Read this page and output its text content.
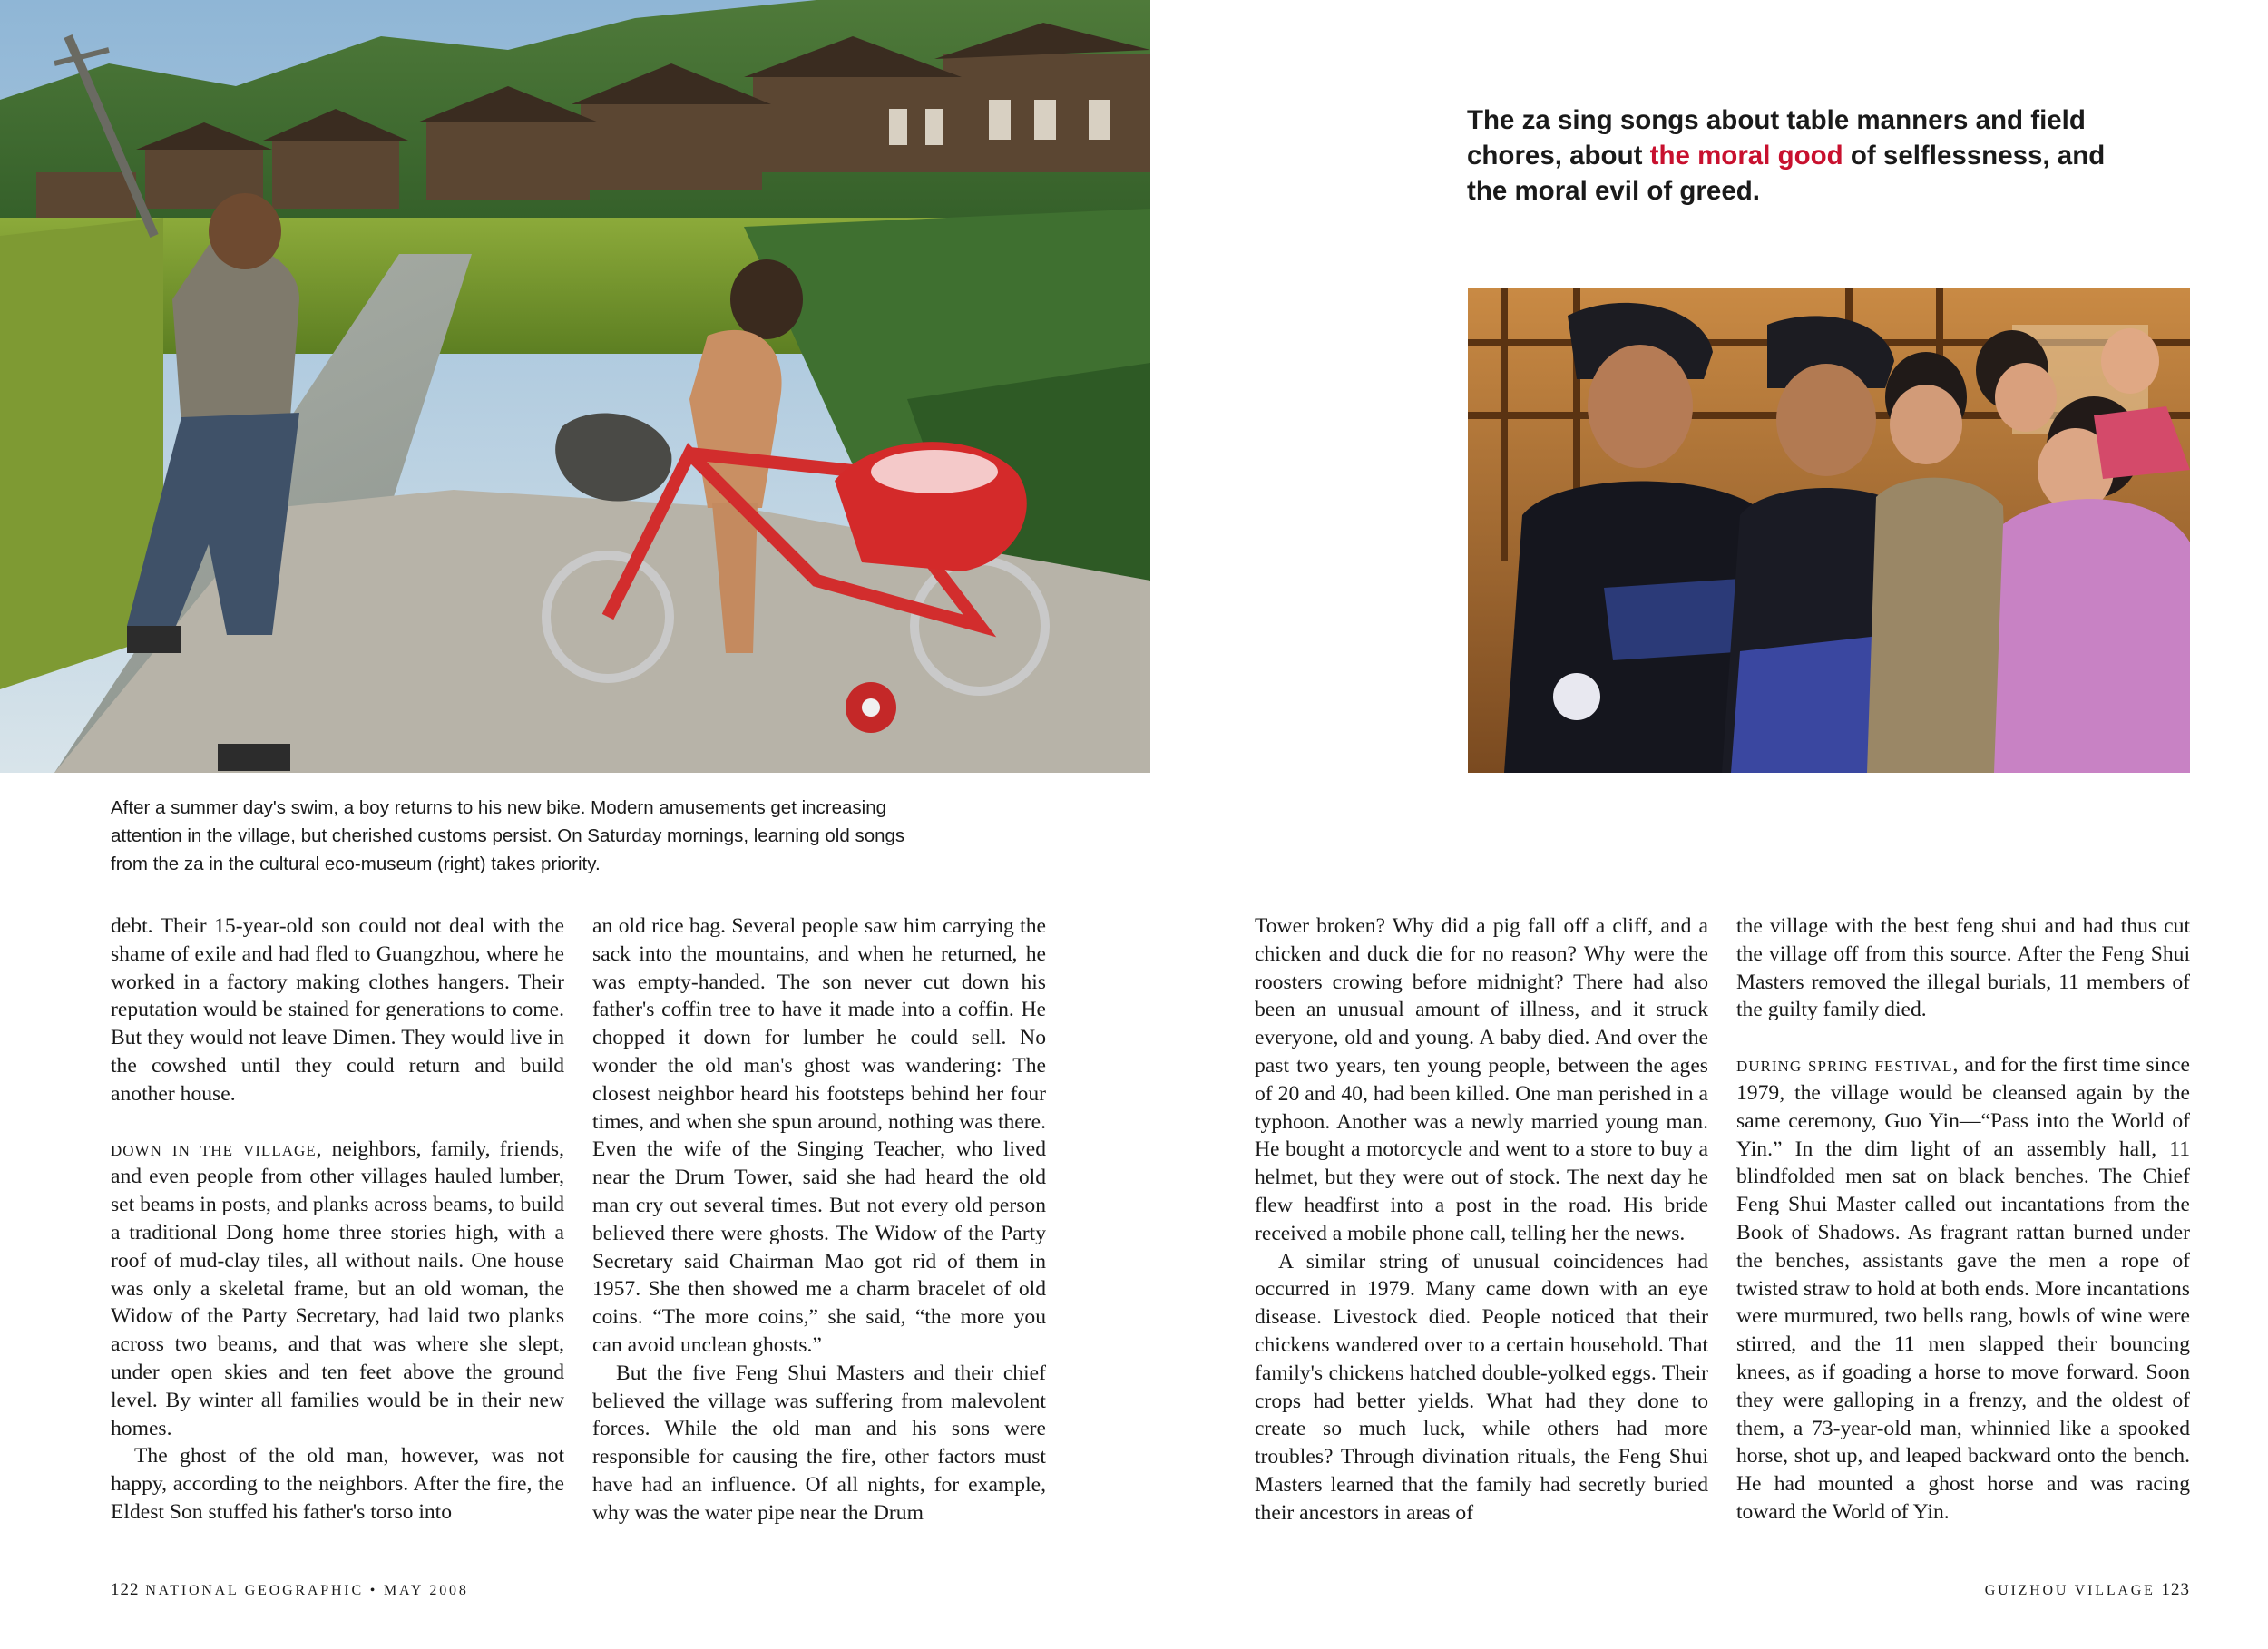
The za sing songs about table manners and field chores, about the moral good of selflessness, and the moral evil of greed.
After a summer day's swim, a boy returns to his new bike. Modern amusements get increasing attention in the village, but cherished customs persist. On Saturday mornings, learning old songs from the za in the cultural eco-museum (right) takes priority.

debt. Their 15-year-old son could not deal with the shame of exile and had fled to Guangzhou, where he worked in a factory making clothes hangers. Their reputation would be stained for generations to come. But they would not leave Dimen. They would live in the cowshed until they could return and build another house.

down in the village, neighbors, family, friends, and even people from other villages hauled lumber, set beams in posts, and planks across beams, to build a traditional Dong home three stories high, with a roof of mud-clay tiles, all without nails. One house was only a skeletal frame, but an old woman, the Widow of the Party Secretary, had laid two planks across two beams, and that was where she slept, under open skies and ten feet above the ground level. By winter all families would be in their new homes.

The ghost of the old man, however, was not happy, according to the neighbors. After the fire, the Eldest Son stuffed his father's torso into

an old rice bag. Several people saw him carrying the sack into the mountains, and when he returned, he was empty-handed. The son never cut down his father's coffin tree to have it made into a coffin. He chopped it down for lumber he could sell. No wonder the old man's ghost was wandering: The closest neighbor heard his footsteps behind her four times, and when she spun around, nothing was there. Even the wife of the Singing Teacher, who lived near the Drum Tower, said she had heard the old man cry out several times. But not every old person believed there were ghosts. The Widow of the Party Secretary said Chairman Mao got rid of them in 1957. She then showed me a charm bracelet of old coins. “The more coins,” she said, “the more you can avoid unclean ghosts.”

But the five Feng Shui Masters and their chief believed the village was suffering from malevolent forces. While the old man and his sons were responsible for causing the fire, other factors must have had an influence. Of all nights, for example, why was the water pipe near the Drum

Tower broken? Why did a pig fall off a cliff, and a chicken and duck die for no reason? Why were the roosters crowing before midnight? There had also been an unusual amount of illness, and it struck everyone, old and young. A baby died. And over the past two years, ten young people, between the ages of 20 and 40, had been killed. One man perished in a typhoon. Another was a newly married young man. He bought a motorcycle and went to a store to buy a helmet, but they were out of stock. The next day he flew headfirst into a post in the road. His bride received a mobile phone call, telling her the news.

A similar string of unusual coincidences had occurred in 1979. Many came down with an eye disease. Livestock died. People noticed that their chickens wandered over to a certain household. That family's chickens hatched double-yolked eggs. Their crops had better yields. What had they done to create so much luck, while others had more troubles? Through divination rituals, the Feng Shui Masters learned that the family had secretly buried their ancestors in areas of

the village with the best feng shui and had thus cut the village off from this source. After the Feng Shui Masters removed the illegal burials, 11 members of the guilty family died.

during spring festival, and for the first time since 1979, the village would be cleansed again by the same ceremony, Guo Yin—“Pass into the World of Yin.” In the dim light of an assembly hall, 11 blindfolded men sat on black benches. The Chief Feng Shui Master called out incantations from the Book of Shadows. As fragrant rattan burned under the benches, assistants gave the men a rope of twisted straw to hold at both ends. More incantations were murmured, two bells rang, bowls of wine were stirred, and the 11 men slapped their bouncing knees, as if goading a horse to move forward. Soon they were galloping in a frenzy, and the oldest of them, a 73-year-old man, whinnied like a spooked horse, shot up, and leaped backward onto the bench. He had mounted a ghost horse and was racing toward the World of Yin.

122 NATIONAL GEOGRAPHIC • MAY 2008	GUIZHOU VILLAGE 123
